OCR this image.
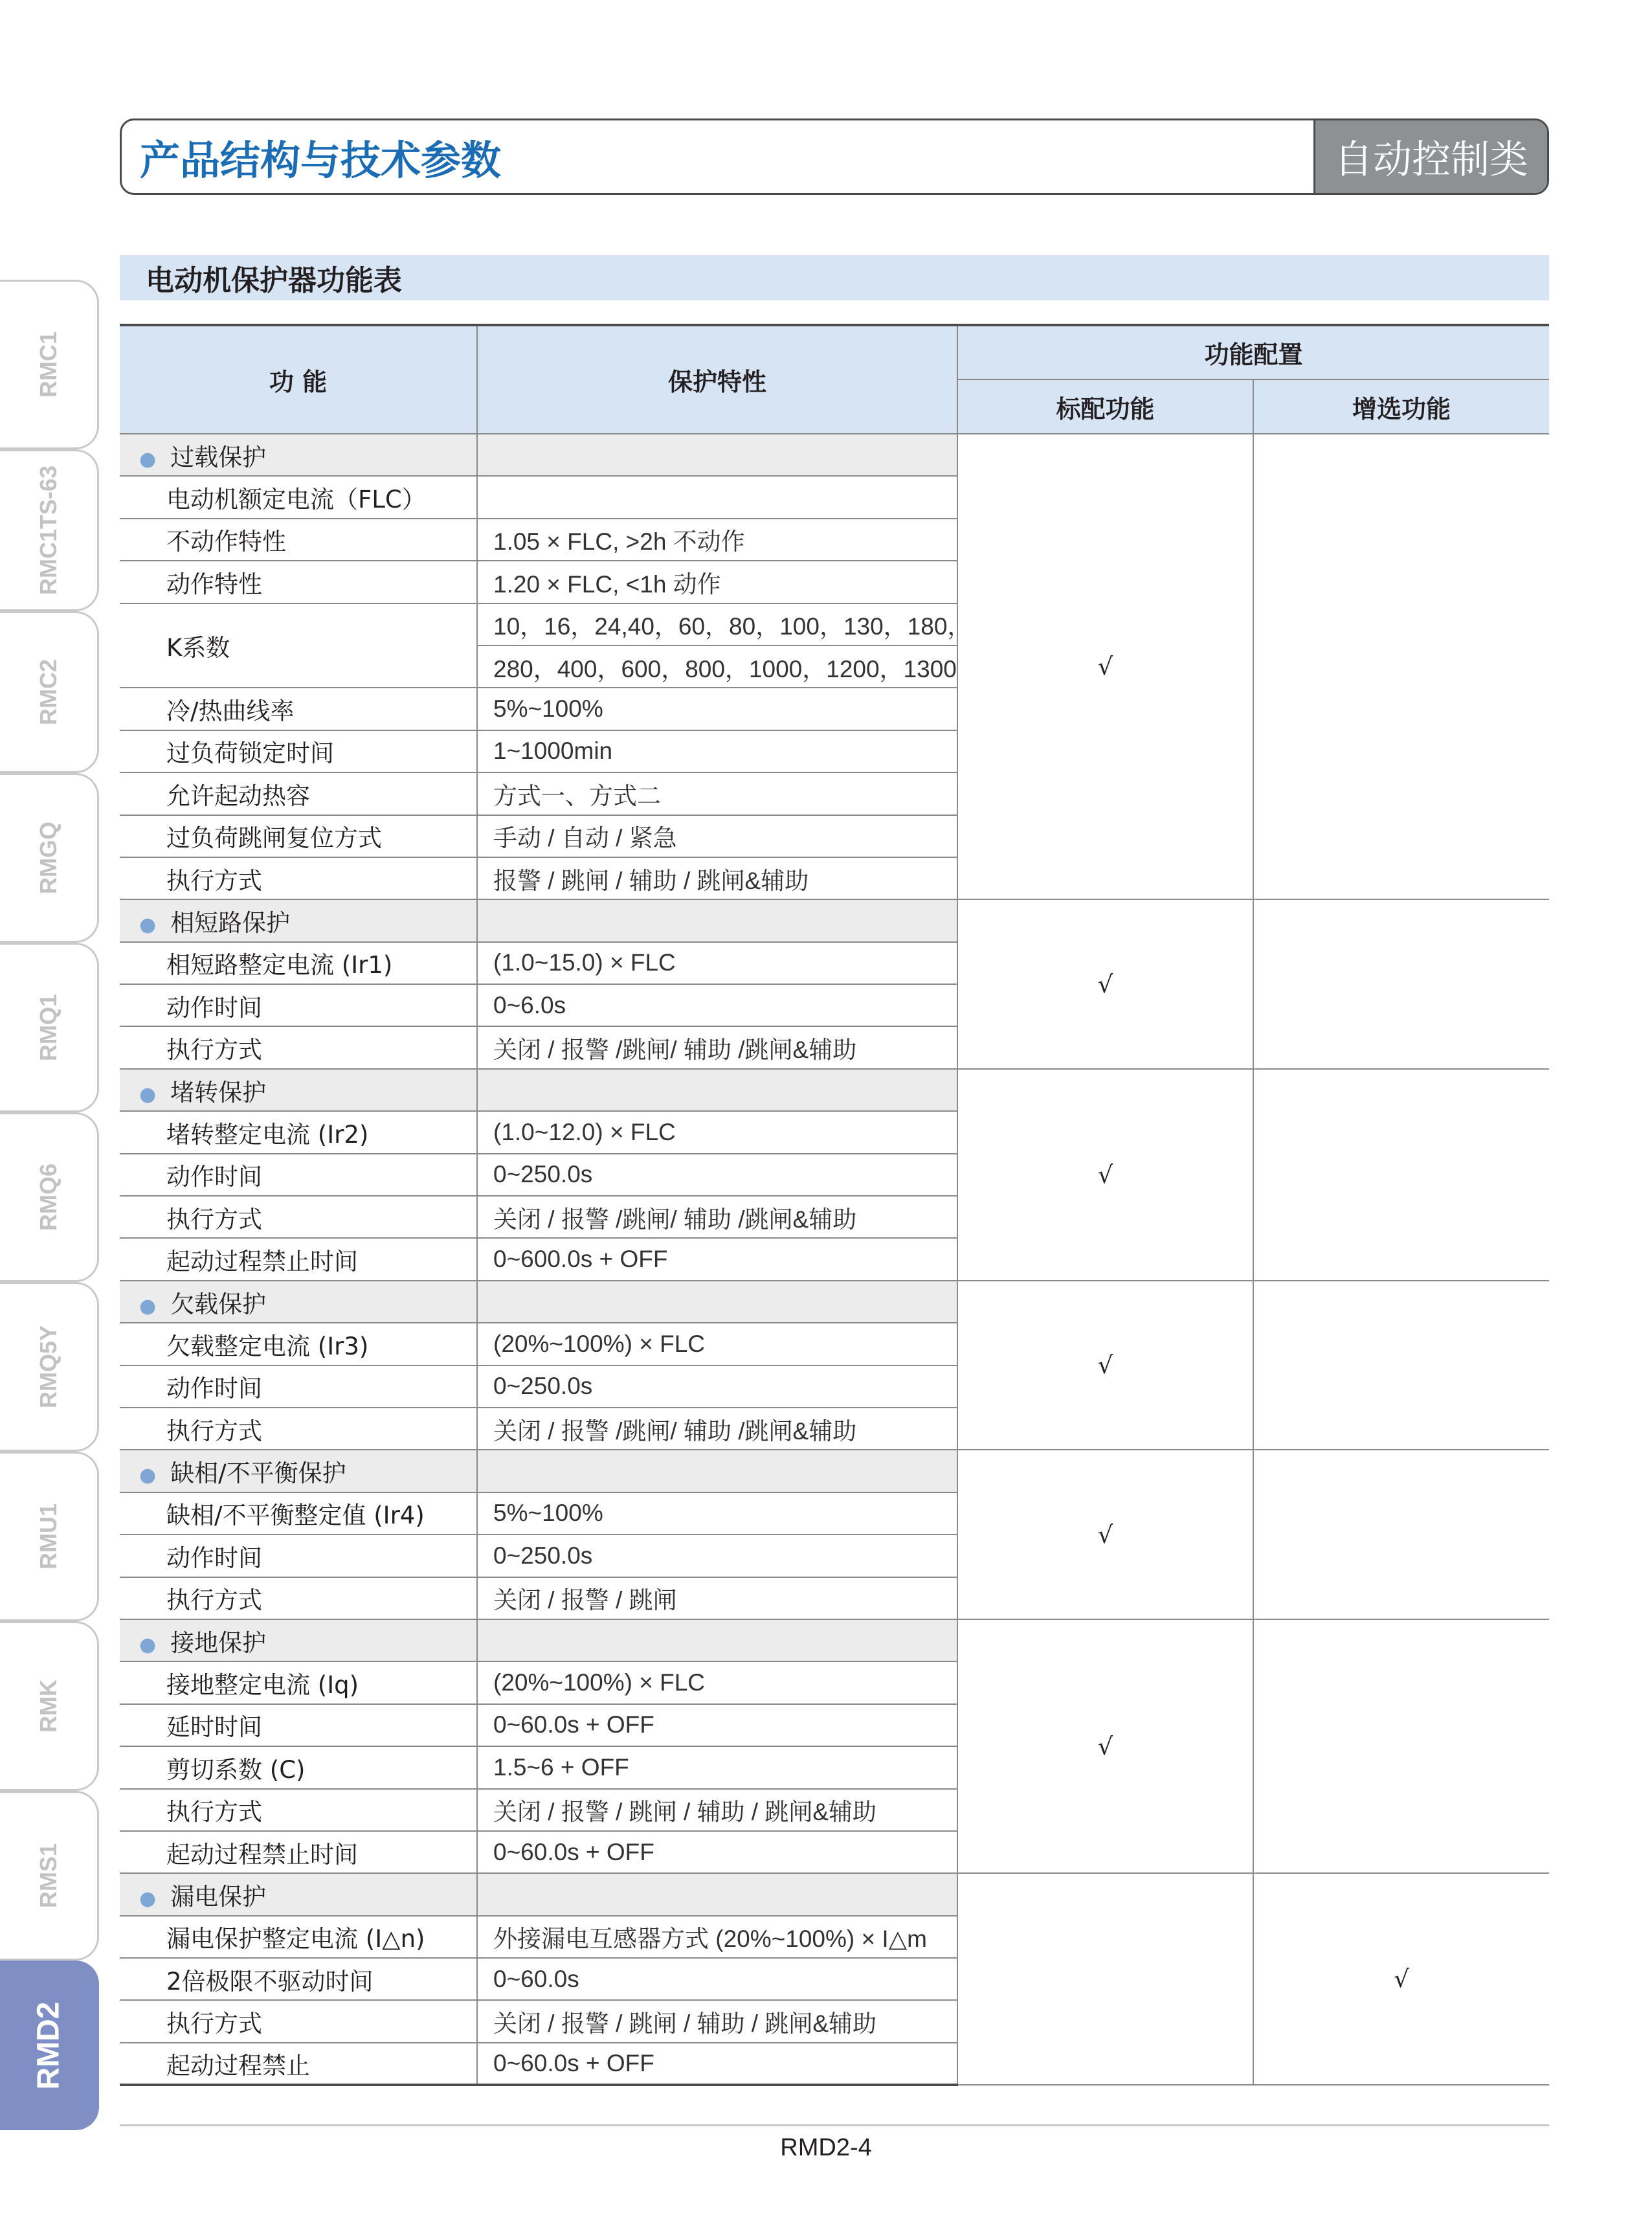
产品结构与技术参数	自动控制类
电动机保护器功能表
RMC1
RMC1TS-63
RMC2
RMGQ
RMQ1
RMQ6
RMQ5Y
RMU1
RMK
RMS1
RMD2
功 能	保护特性	功能配置	
		标配功能	增选功能
● 过载保护		√	
电动机额定电流（FLC）			
不动作特性	1.05 × FLC, >2h 不动作		
动作特性	1.20 × FLC, <1h 动作		
K系数	10，16，24,40，60，80，100，130，180，		
	280，400，600，800，1000，1200，1300		
冷/热曲线率	5%~100%		
过负荷锁定时间	1~1000min		
允许起动热容	方式一、方式二		
过负荷跳闸复位方式	手动 / 自动 / 紧急		
执行方式	报警 / 跳闸 / 辅助 / 跳闸&辅助		
● 相短路保护		√	
相短路整定电流 (Ir1)	(1.0~15.0) × FLC		
动作时间	0~6.0s		
执行方式	关闭 / 报警 /跳闸/ 辅助 /跳闸&辅助		
● 堵转保护		√	
堵转整定电流 (Ir2)	(1.0~12.0) × FLC		
动作时间	0~250.0s		
执行方式	关闭 / 报警 /跳闸/ 辅助 /跳闸&辅助		
起动过程禁止时间	0~600.0s + OFF		
● 欠载保护		√	
欠载整定电流 (Ir3)	(20%~100%) × FLC		
动作时间	0~250.0s		
执行方式	关闭 / 报警 /跳闸/ 辅助 /跳闸&辅助		
● 缺相/不平衡保护		√	
缺相/不平衡整定值 (Ir4)	5%~100%		
动作时间	0~250.0s		
执行方式	关闭 / 报警 / 跳闸		
● 接地保护		√	
接地整定电流 (Iq)	(20%~100%) × FLC		
延时时间	0~60.0s + OFF		
剪切系数 (C)	1.5~6 + OFF		
执行方式	关闭 / 报警 / 跳闸 / 辅助 / 跳闸&辅助		
起动过程禁止时间	0~60.0s + OFF		
● 漏电保护			√
漏电保护整定电流 (I△n)	外接漏电互感器方式 (20%~100%) × I△m		
2倍极限不驱动时间	0~60.0s		
执行方式	关闭 / 报警 / 跳闸 / 辅助 / 跳闸&辅助		
起动过程禁止	0~60.0s + OFF		
RMD2-4
